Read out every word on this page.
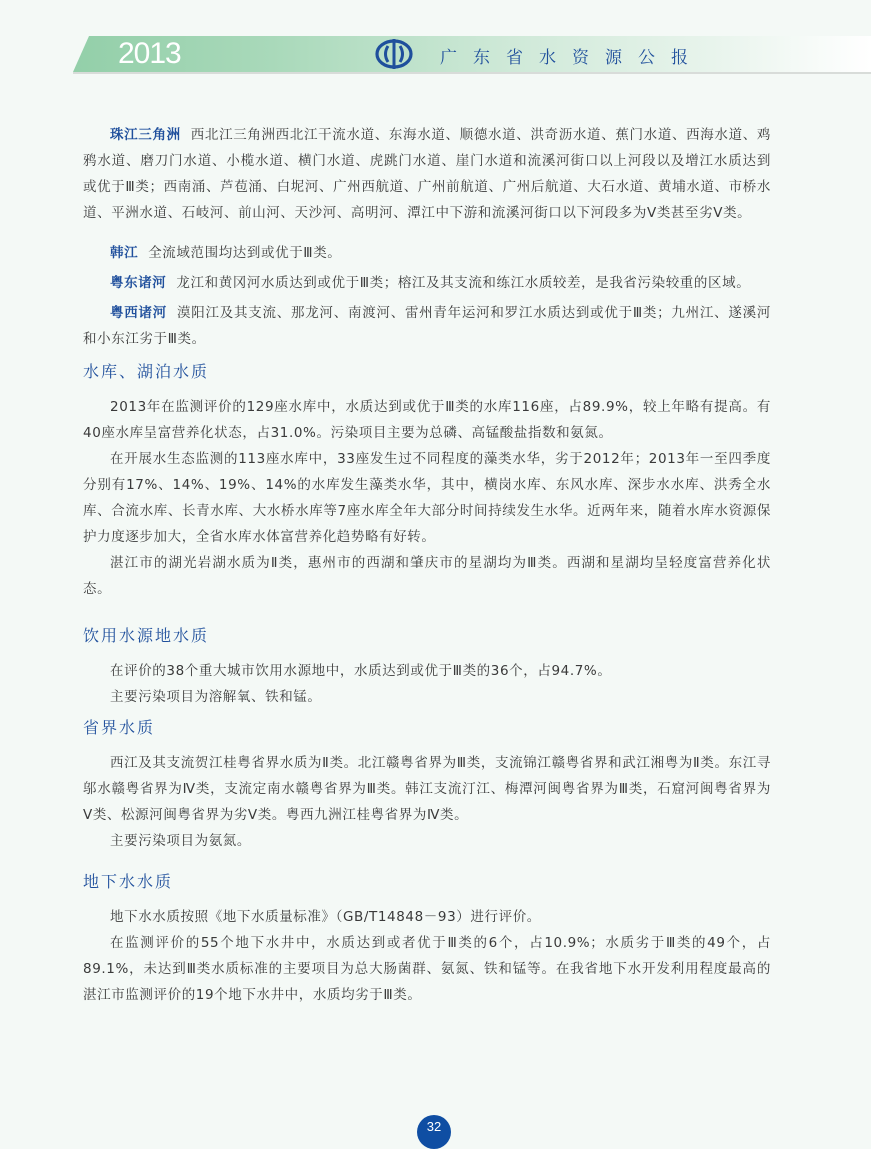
2013	广东省水资源公报

珠江三角洲 西北江三角洲西北江干流水道、东海水道、顺德水道、洪奇沥水道、蕉门水道、西海水道、鸡鸦水道、磨刀门水道、小榄水道、横门水道、虎跳门水道、崖门水道和流溪河街口以上河段以及增江水质达到或优于Ⅲ类；西南涌、芦苞涌、白坭河、广州西航道、广州前航道、广州后航道、大石水道、黄埔水道、市桥水道、平洲水道、石岐河、前山河、天沙河、高明河、潭江中下游和流溪河街口以下河段多为Ⅴ类甚至劣Ⅴ类。

韩江 全流域范围均达到或优于Ⅲ类。

粤东诸河 龙江和黄冈河水质达到或优于Ⅲ类；榕江及其支流和练江水质较差，是我省污染较重的区域。

粤西诸河 漠阳江及其支流、那龙河、南渡河、雷州青年运河和罗江水质达到或优于Ⅲ类；九州江、遂溪河和小东江劣于Ⅲ类。

水库、湖泊水质

2013年在监测评价的129座水库中，水质达到或优于Ⅲ类的水库116座，占89.9%，较上年略有提高。有40座水库呈富营养化状态，占31.0%。污染项目主要为总磷、高锰酸盐指数和氨氮。

在开展水生态监测的113座水库中，33座发生过不同程度的藻类水华，劣于2012年；2013年一至四季度分别有17%、14%、19%、14%的水库发生藻类水华，其中，横岗水库、东风水库、深步水水库、洪秀全水库、合流水库、长青水库、大水桥水库等7座水库全年大部分时间持续发生水华。近两年来，随着水库水资源保护力度逐步加大，全省水库水体富营养化趋势略有好转。

湛江市的湖光岩湖水质为Ⅱ类，惠州市的西湖和肇庆市的星湖均为Ⅲ类。西湖和星湖均呈轻度富营养化状态。

饮用水源地水质

在评价的38个重大城市饮用水源地中，水质达到或优于Ⅲ类的36个，占94.7%。

主要污染项目为溶解氧、铁和锰。

省界水质

西江及其支流贺江桂粤省界水质为Ⅱ类。北江赣粤省界为Ⅲ类，支流锦江赣粤省界和武江湘粤为Ⅱ类。东江寻邬水赣粤省界为Ⅳ类，支流定南水赣粤省界为Ⅲ类。韩江支流汀江、梅潭河闽粤省界为Ⅲ类，石窟河闽粤省界为Ⅴ类、松源河闽粤省界为劣Ⅴ类。粤西九洲江桂粤省界为Ⅳ类。

主要污染项目为氨氮。

地下水水质

地下水水质按照《地下水质量标准》（GB/T14848－93）进行评价。

在监测评价的55个地下水井中，水质达到或者优于Ⅲ类的6个，占10.9%；水质劣于Ⅲ类的49个，占89.1%，未达到Ⅲ类水质标准的主要项目为总大肠菌群、氨氮、铁和锰等。在我省地下水开发利用程度最高的湛江市监测评价的19个地下水井中，水质均劣于Ⅲ类。

32
